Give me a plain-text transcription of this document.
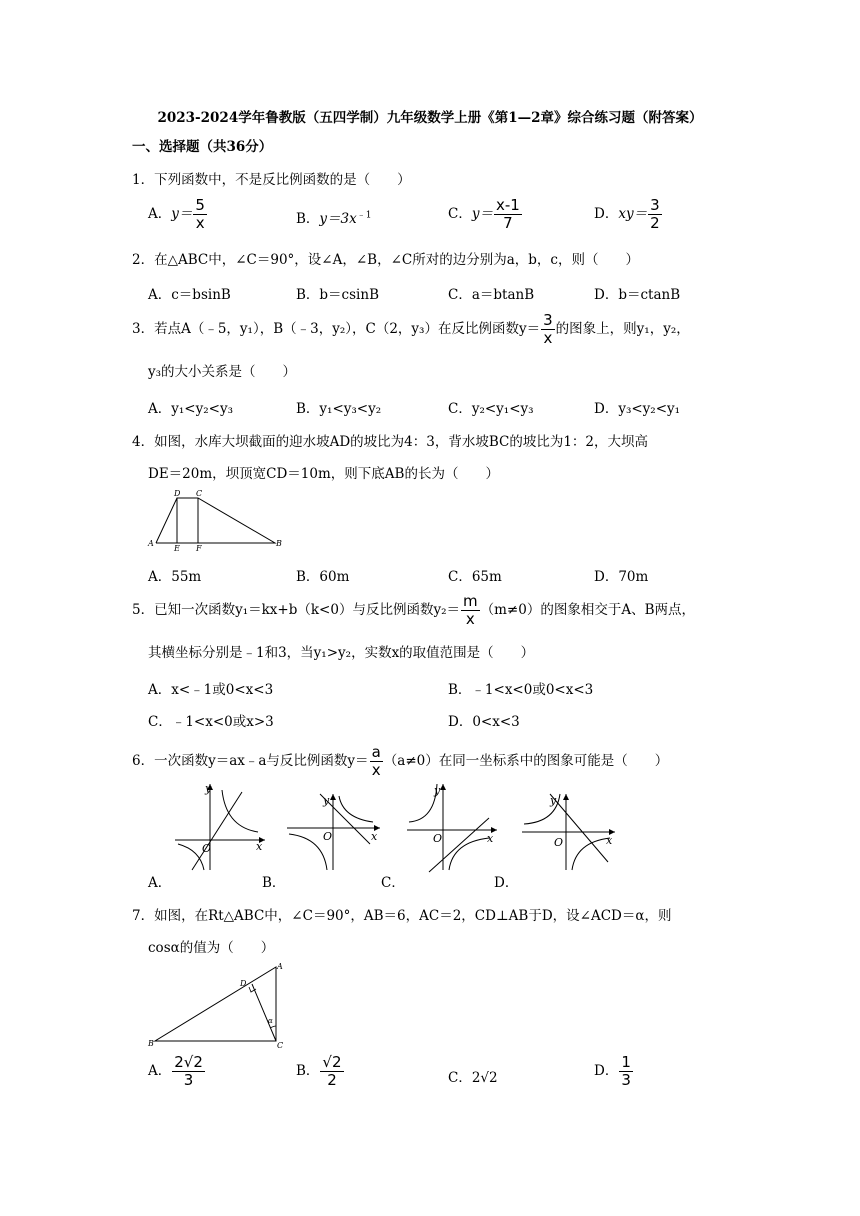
2023-2024学年鲁教版（五四学制）九年级数学上册《第1—2章》综合练习题（附答案）
一、选择题（共36分）
1．下列函数中，不是反比例函数的是（　　）
A．$y= \frac{5}{x}$	B．$y=3x^{﹣1}$	C．$y= \frac{x-1}{7}$	D．$xy= \frac{3}{2}$
2．在△ABC中，∠C＝90°，设∠A，∠B，∠C所对的边分别为a，b，c，则（　　）
A．c＝bsinB	B．b＝csinB	C．a＝btanB	D．b＝ctanB
3．若点A（﹣5，y₁），B（﹣3，y₂），C（2，y₃）在反比例函数$y= \frac{3}{x}$ 的图象上，则y₁，y₂，
y₃的大小关系是（　　）
A．y₁<y₂<y₃	B．y₁<y₃<y₂	C．y₂<y₁<y₃	D．y₃<y₂<y₁
4．如图，水库大坝截面的迎水坡AD的坡比为4：3，背水坡BC的坡比为1：2，大坝高
DE＝20m，坝顶宽CD＝10m，则下底AB的长为（　　）
D C
A
E F
B
A．55m	B．60m	C．65m	D．70m
5．已知一次函数y₁＝kx+b（k<0）与反比例函数$y_2= \frac{m}{x} (m\ne 0)$的图象相交于A、B两点，
其横坐标分别是﹣1和3，当y₁>y₂，实数x的取值范围是（　　）
A．x<﹣1或0<x<3	B．﹣1<x<0或0<x<3
C．﹣1<x<0或x>3	D．0<x<3
6．一次函数y＝ax﹣a与反比例函数$y= \frac{a}{x} (a\ne 0)$在同一坐标系中的图象可能是（　　）
y
x
O
A．
y
x
O
B．
y
x
O
C．
y
x
O
D．
7．如图，在Rt△ABC中，∠C＝90°，AB＝6，AC＝2，CD⊥AB于D，设∠ACD＝α，则
cosα的值为（　　）
A
D
α
B	C
A． $\frac{2√2}{3}$	B． $\frac{√2}{2}$	C．2√2	D． $\frac{1}{3}$
